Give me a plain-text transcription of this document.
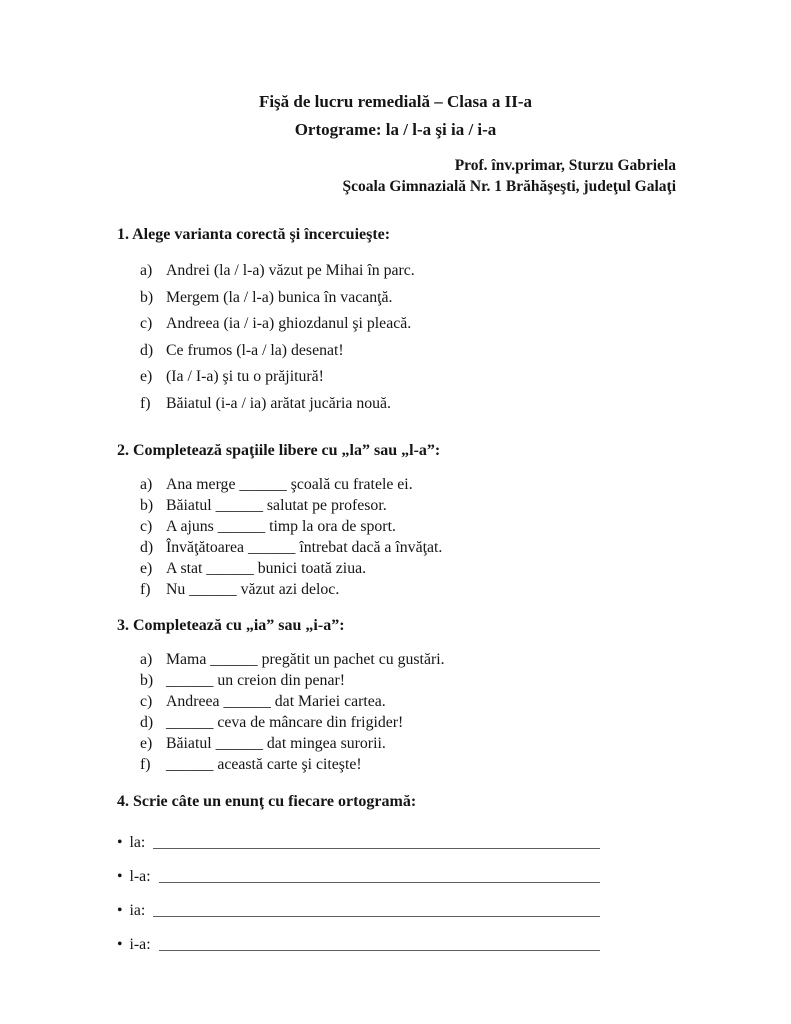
Fişă de lucru remedială – Clasa a II-a
Ortograme: la / l-a şi ia / i-a
Prof. înv.primar, Sturzu Gabriela
Şcoala Gimnazială Nr. 1 Brăhăşeşti, judeţul Galaţi
1. Alege varianta corectă şi încercuieşte:
a) Andrei (la / l-a) văzut pe Mihai în parc.
b) Mergem (la / l-a) bunica în vacanţă.
c) Andreea (ia / i-a) ghiozdanul şi pleacă.
d) Ce frumos (l-a / la) desenat!
e) (Ia / I-a) şi tu o prăjitură!
f) Băiatul (i-a / ia) arătat jucăria nouă.
2. Completează spaţiile libere cu „la” sau „l-a”:
a) Ana merge ______ şcoală cu fratele ei.
b) Băiatul ______ salutat pe profesor.
c) A ajuns ______ timp la ora de sport.
d) Învăţătoarea ______ întrebat dacă a învăţat.
e) A stat ______ bunici toată ziua.
f) Nu ______ văzut azi deloc.
3. Completează cu „ia” sau „i-a”:
a) Mama ______ pregătit un pachet cu gustări.
b) ______ un creion din penar!
c) Andreea ______ dat Mariei cartea.
d) ______ ceva de mâncare din frigider!
e) Băiatul ______ dat mingea surorii.
f) ______ această carte şi citeşte!
4. Scrie câte un enunţ cu fiecare ortogramă:
• la:
• l-a:
• ia:
• i-a:
